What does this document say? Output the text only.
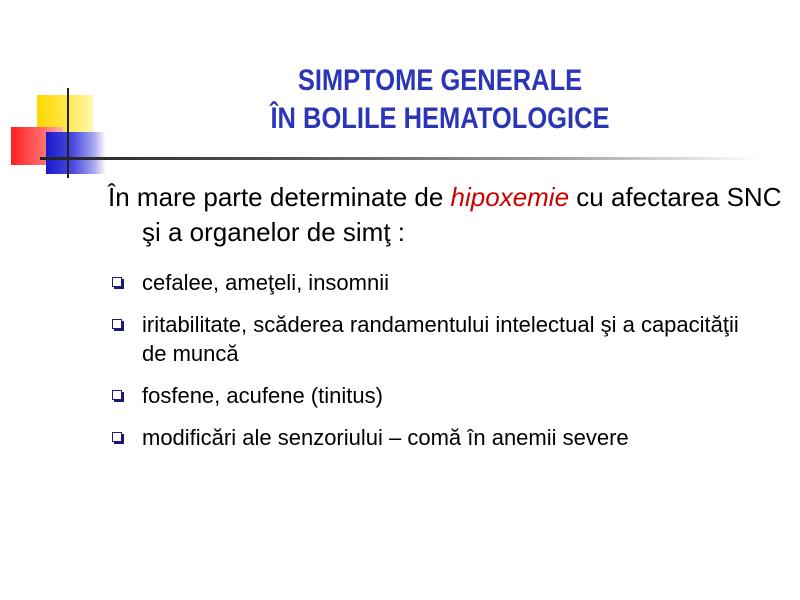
SIMPTOME GENERALE
ÎN BOLILE HEMATOLOGICE
În mare parte determinate de hipoxemie cu afectarea SNC şi a organelor de simţ :
cefalee, ameţeli, insomnii
iritabilitate, scăderea randamentului intelectual şi a capacităţii de muncă
fosfene, acufene (tinitus)
modificări ale senzoriului – comă în anemii severe
